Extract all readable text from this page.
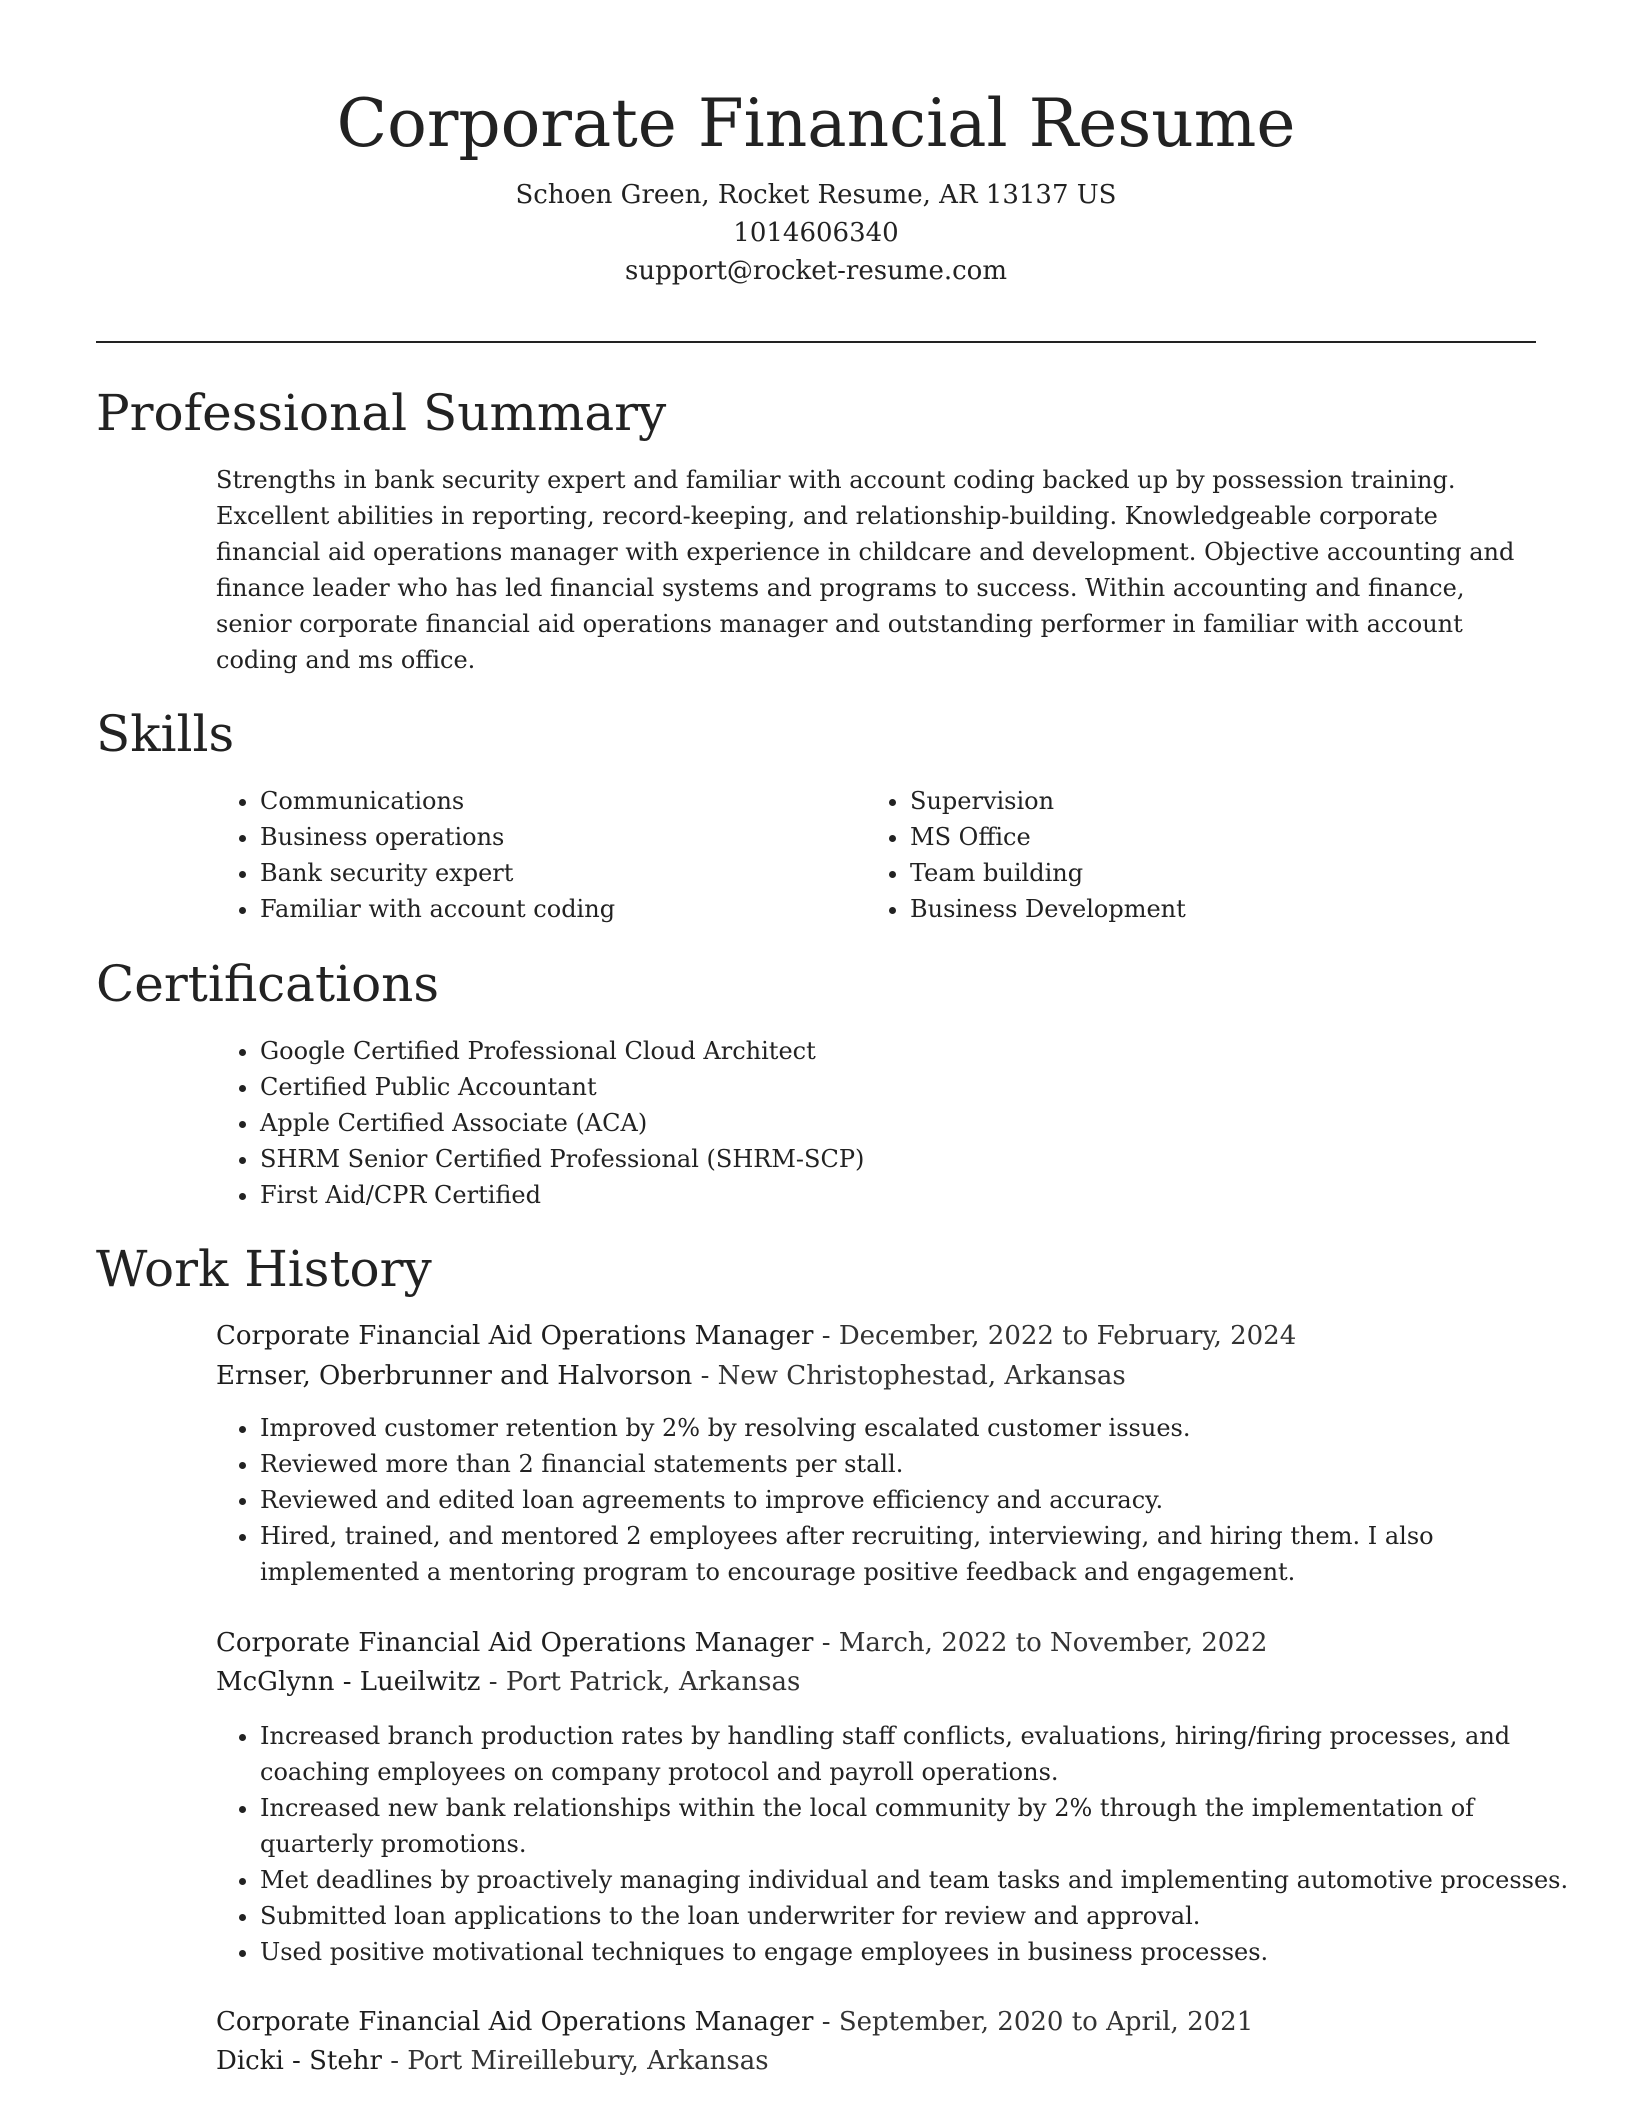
Corporate Financial Resume
Schoen Green, Rocket Resume, AR 13137 US
1014606340
support@rocket-resume.com
Professional Summary

Strengths in bank security expert and familiar with account coding backed up by possession training. Excellent abilities in reporting, record-keeping, and relationship-building. Knowledgeable corporate financial aid operations manager with experience in childcare and development. Objective accounting and finance leader who has led financial systems and programs to success. Within accounting and finance, senior corporate financial aid operations manager and outstanding performer in familiar with account coding and ms office.

Skills
• Communications
• Business operations
• Bank security expert
• Familiar with account coding
• Supervision
• MS Office
• Team building
• Business Development
Certifications
• Google Certified Professional Cloud Architect
• Certified Public Accountant
• Apple Certified Associate (ACA)
• SHRM Senior Certified Professional (SHRM-SCP)
• First Aid/CPR Certified
Work History
Corporate Financial Aid Operations Manager - December, 2022 to February, 2024
Ernser, Oberbrunner and Halvorson - New Christophestad, Arkansas
• Improved customer retention by 2% by resolving escalated customer issues.
• Reviewed more than 2 financial statements per stall.
• Reviewed and edited loan agreements to improve efficiency and accuracy.
• Hired, trained, and mentored 2 employees after recruiting, interviewing, and hiring them. I also implemented a mentoring program to encourage positive feedback and engagement.
Corporate Financial Aid Operations Manager - March, 2022 to November, 2022
McGlynn - Lueilwitz - Port Patrick, Arkansas
• Increased branch production rates by handling staff conflicts, evaluations, hiring/firing processes, and coaching employees on company protocol and payroll operations.
• Increased new bank relationships within the local community by 2% through the implementation of quarterly promotions.
• Met deadlines by proactively managing individual and team tasks and implementing automotive processes.
• Submitted loan applications to the loan underwriter for review and approval.
• Used positive motivational techniques to engage employees in business processes.
Corporate Financial Aid Operations Manager - September, 2020 to April, 2021
Dicki - Stehr - Port Mireillebury, Arkansas
